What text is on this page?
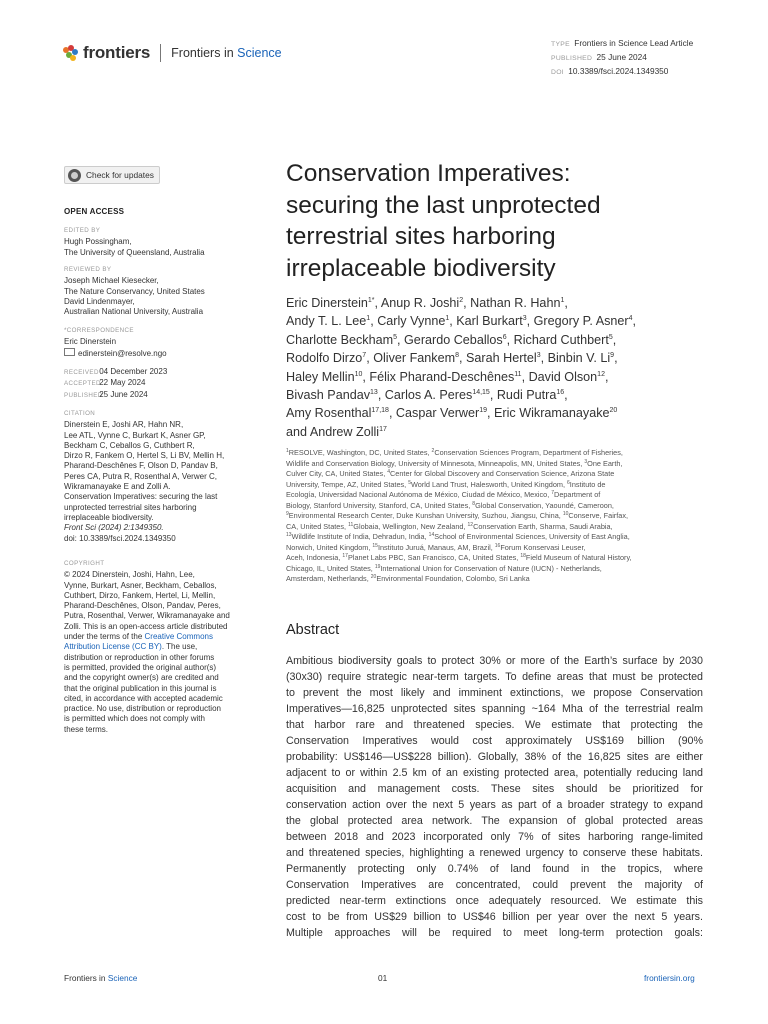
frontiers Frontiers in Science
TYPE Frontiers in Science Lead Article
PUBLISHED 25 June 2024
DOI 10.3389/fsci.2024.1349350
Check for updates
OPEN ACCESS
EDITED BY
Hugh Possingham,
The University of Queensland, Australia
REVIEWED BY
Joseph Michael Kiesecker,
The Nature Conservancy, United States
David Lindenmayer,
Australian National University, Australia
*CORRESPONDENCE
Eric Dinerstein
edinerstein@resolve.ngo
RECEIVED 04 December 2023
ACCEPTED 22 May 2024
PUBLISHED 25 June 2024
CITATION
Dinerstein E, Joshi AR, Hahn NR,
Lee ATL, Vynne C, Burkart K, Asner GP,
Beckham C, Ceballos G, Cuthbert R,
Dirzo R, Fankem O, Hertel S, Li BV, Mellin H,
Pharand-Deschênes F, Olson D, Pandav B,
Peres CA, Putra R, Rosenthal A, Verwer C,
Wikramanayake E and Zolli A.
Conservation Imperatives: securing the last
unprotected terrestrial sites harboring
irreplaceable biodiversity.
Front Sci (2024) 2:1349350.
doi: 10.3389/fsci.2024.1349350
COPYRIGHT
© 2024 Dinerstein, Joshi, Hahn, Lee,
Vynne, Burkart, Asner, Beckham, Ceballos,
Cuthbert, Dirzo, Fankem, Hertel, Li, Mellin,
Pharand-Deschênes, Olson, Pandav, Peres,
Putra, Rosenthal, Verwer, Wikramanayake and
Zolli. This is an open-access article distributed
under the terms of the Creative Commons
Attribution License (CC BY). The use,
distribution or reproduction in other forums
is permitted, provided the original author(s)
and the copyright owner(s) are credited and
that the original publication in this journal is
cited, in accordance with accepted academic
practice. No use, distribution or reproduction
is permitted which does not comply with
these terms.
Conservation Imperatives:
securing the last unprotected
terrestrial sites harboring
irreplaceable biodiversity
Eric Dinerstein$^{1*}$, Anup R. Joshi$^2$, Nathan R. Hahn$^1$,
Andy T. L. Lee$^1$, Carly Vynne$^1$, Karl Burkart$^3$, Gregory P. Asner$^4$,
Charlotte Beckham$^5$, Gerardo Ceballos$^6$, Richard Cuthbert$^5$,
Rodolfo Dirzo$^7$, Oliver Fankem$^8$, Sarah Hertel$^3$, Binbin V. Li$^9$,
Haley Mellin$^{10}$, Félix Pharand-Deschênes$^{11}$, David Olson$^{12}$,
Bivash Pandav$^{13}$, Carlos A. Peres$^{14,15}$, Rudi Putra$^{16}$,
Amy Rosenthal$^{17,18}$, Caspar Verwer$^{19}$, Eric Wikramanayake$^{20}$
and Andrew Zolli$^{17}$
$^1$RESOLVE, Washington, DC, United States, $^2$Conservation Sciences Program, Department of Fisheries,
Wildlife and Conservation Biology, University of Minnesota, Minneapolis, MN, United States, $^3$One Earth,
Culver City, CA, United States, $^4$Center for Global Discovery and Conservation Science, Arizona State
University, Tempe, AZ, United States, $^5$World Land Trust, Halesworth, United Kingdom, $^6$Instituto de
Ecología, Universidad Nacional Autónoma de México, Ciudad de México, Mexico, $^7$Department of
Biology, Stanford University, Stanford, CA, United States, $^8$Global Conservation, Yaoundé, Cameroon,
$^9$Environmental Research Center, Duke Kunshan University, Suzhou, Jiangsu, China, $^{10}$Conserve, Fairfax,
CA, United States, $^{11}$Globaia, Wellington, New Zealand, $^{12}$Conservation Earth, Sharma, Saudi Arabia,
$^{13}$Wildlife Institute of India, Dehradun, India, $^{14}$School of Environmental Sciences, University of East Anglia,
Norwich, United Kingdom, $^{15}$Instituto Juruá, Manaus, AM, Brazil, $^{16}$Forum Konservasi Leuser,
Aceh, Indonesia, $^{17}$Planet Labs PBC, San Francisco, CA, United States, $^{18}$Field Museum of Natural History,
Chicago, IL, United States, $^{19}$International Union for Conservation of Nature (IUCN) - Netherlands,
Amsterdam, Netherlands, $^{20}$Environmental Foundation, Colombo, Sri Lanka
Abstract
Ambitious biodiversity goals to protect 30% or more of the Earth’s surface by 2030
(30x30) require strategic near-term targets. To define areas that must be protected
to prevent the most likely and imminent extinctions, we propose Conservation
Imperatives—16,825 unprotected sites spanning ~164 Mha of the terrestrial realm
that harbor rare and threatened species. We estimate that protecting the
Conservation Imperatives would cost approximately US$169 billion (90%
probability: US$146—US$228 billion). Globally, 38% of the 16,825 sites are either
adjacent to or within 2.5 km of an existing protected area, potentially reducing land
acquisition and management costs. These sites should be prioritized for
conservation action over the next 5 years as part of a broader strategy to expand
the global protected area network. The expansion of global protected areas
between 2018 and 2023 incorporated only 7% of sites harboring range-limited
and threatened species, highlighting a renewed urgency to conserve these habitats.
Permanently protecting only 0.74% of land found in the tropics, where
Conservation Imperatives are concentrated, could prevent the majority of
predicted near-term extinctions once adequately resourced. We estimate this
cost to be from US$29 billion to US$46 billion per year over the next 5 years.
Multiple approaches will be required to meet long-term protection goals:
Frontiers in Science	01	frontiersin.org
